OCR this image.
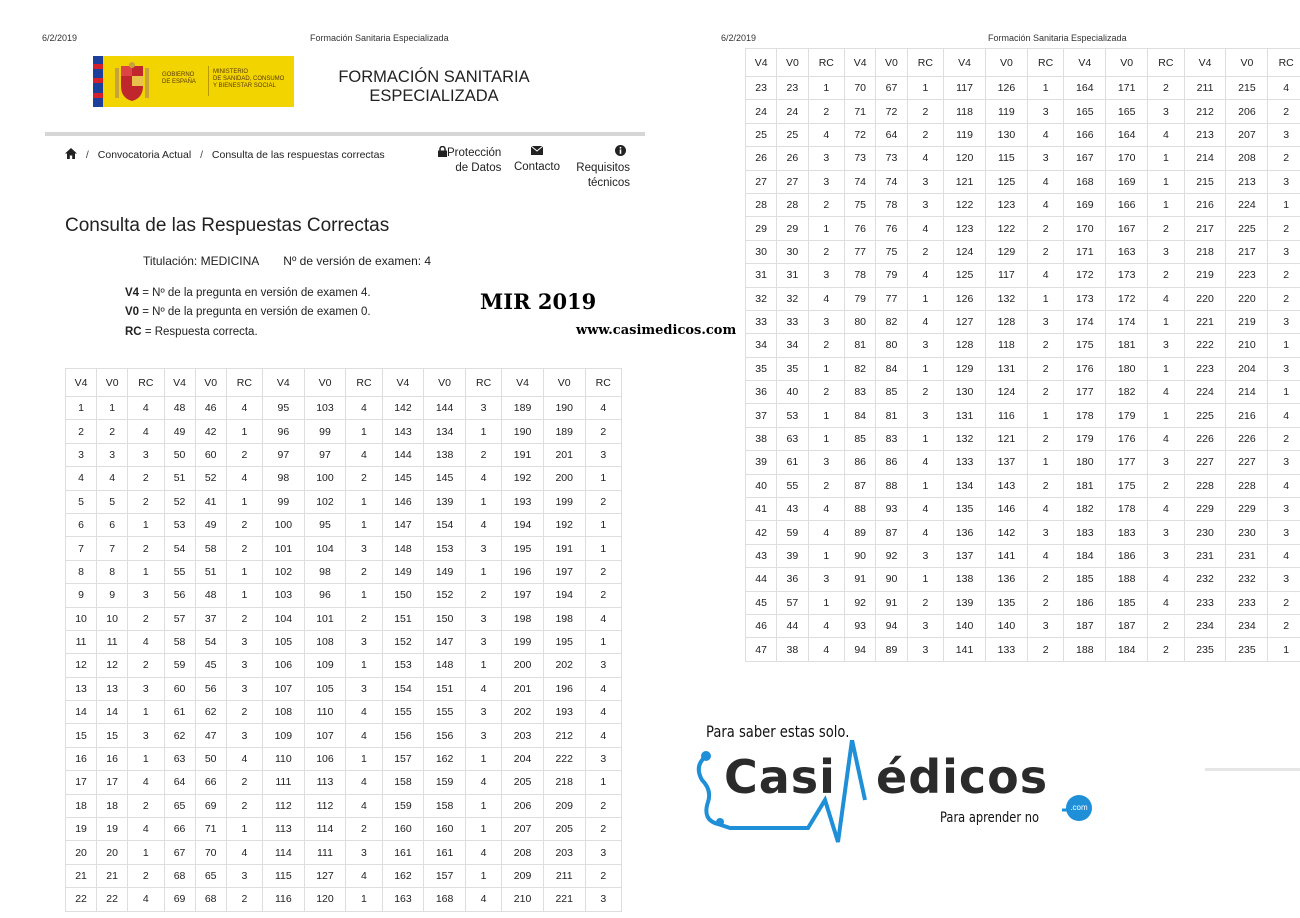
6/2/2019	Formación Sanitaria Especializada
GOBIERNO
DE ESPAÑA
MINISTERIO
DE SANIDAD, CONSUMO
Y BIENESTAR SOCIAL	FORMACIÓN SANITARIA
ESPECIALIZADA
/ Convocatoria Actual / Consulta de las respuestas correctas	Protección
de Datos Contacto	Requisitos
técnicos
Consulta de las Respuestas Correctas
Titulación: MEDICINA Nº de versión de examen: 4
V4 = Nº de la pregunta en versión de examen 4.
V0 = Nº de la pregunta en versión de examen 0.
RC = Respuesta correcta.
MIR 2019
www.casimedicos.com
V4	V0	RC	V4	V0	RC	V4	V0	RC	V4	V0	RC	V4	V0	RC
1	1	4	48	46	4	95	103	4	142	144	3	189	190	4
2	2	4	49	42	1	96	99	1	143	134	1	190	189	2
3	3	3	50	60	2	97	97	4	144	138	2	191	201	3
4	4	2	51	52	4	98	100	2	145	145	4	192	200	1
5	5	2	52	41	1	99	102	1	146	139	1	193	199	2
6	6	1	53	49	2	100	95	1	147	154	4	194	192	1
7	7	2	54	58	2	101	104	3	148	153	3	195	191	1
8	8	1	55	51	1	102	98	2	149	149	1	196	197	2
9	9	3	56	48	1	103	96	1	150	152	2	197	194	2
10	10	2	57	37	2	104	101	2	151	150	3	198	198	4
11	11	4	58	54	3	105	108	3	152	147	3	199	195	1
12	12	2	59	45	3	106	109	1	153	148	1	200	202	3
13	13	3	60	56	3	107	105	3	154	151	4	201	196	4
14	14	1	61	62	2	108	110	4	155	155	3	202	193	4
15	15	3	62	47	3	109	107	4	156	156	3	203	212	4
16	16	1	63	50	4	110	106	1	157	162	1	204	222	3
17	17	4	64	66	2	111	113	4	158	159	4	205	218	1
18	18	2	65	69	2	112	112	4	159	158	1	206	209	2
19	19	4	66	71	1	113	114	2	160	160	1	207	205	2
20	20	1	67	70	4	114	111	3	161	161	4	208	203	3
21	21	2	68	65	3	115	127	4	162	157	1	209	211	2
22	22	4	69	68	2	116	120	1	163	168	4	210	221	3
6/2/2019	Formación Sanitaria Especializada
V4	V0	RC	V4	V0	RC	V4	V0	RC	V4	V0	RC	V4	V0	RC
23	23	1	70	67	1	117	126	1	164	171	2	211	215	4
24	24	2	71	72	2	118	119	3	165	165	3	212	206	2
25	25	4	72	64	2	119	130	4	166	164	4	213	207	3
26	26	3	73	73	4	120	115	3	167	170	1	214	208	2
27	27	3	74	74	3	121	125	4	168	169	1	215	213	3
28	28	2	75	78	3	122	123	4	169	166	1	216	224	1
29	29	1	76	76	4	123	122	2	170	167	2	217	225	2
30	30	2	77	75	2	124	129	2	171	163	3	218	217	3
31	31	3	78	79	4	125	117	4	172	173	2	219	223	2
32	32	4	79	77	1	126	132	1	173	172	4	220	220	2
33	33	3	80	82	4	127	128	3	174	174	1	221	219	3
34	34	2	81	80	3	128	118	2	175	181	3	222	210	1
35	35	1	82	84	1	129	131	2	176	180	1	223	204	3
36	40	2	83	85	2	130	124	2	177	182	4	224	214	1
37	53	1	84	81	3	131	116	1	178	179	1	225	216	4
38	63	1	85	83	1	132	121	2	179	176	4	226	226	2
39	61	3	86	86	4	133	137	1	180	177	3	227	227	3
40	55	2	87	88	1	134	143	2	181	175	2	228	228	4
41	43	4	88	93	4	135	146	4	182	178	4	229	229	3
42	59	4	89	87	4	136	142	3	183	183	3	230	230	3
43	39	1	90	92	3	137	141	4	184	186	3	231	231	4
44	36	3	91	90	1	138	136	2	185	188	4	232	232	3
45	57	1	92	91	2	139	135	2	186	185	4	233	233	2
46	44	4	93	94	3	140	140	3	187	187	2	234	234	2
47	38	4	94	89	3	141	133	2	188	184	2	235	235	1
Para saber estas solo.
Casi édicos
.com
Para aprender no
